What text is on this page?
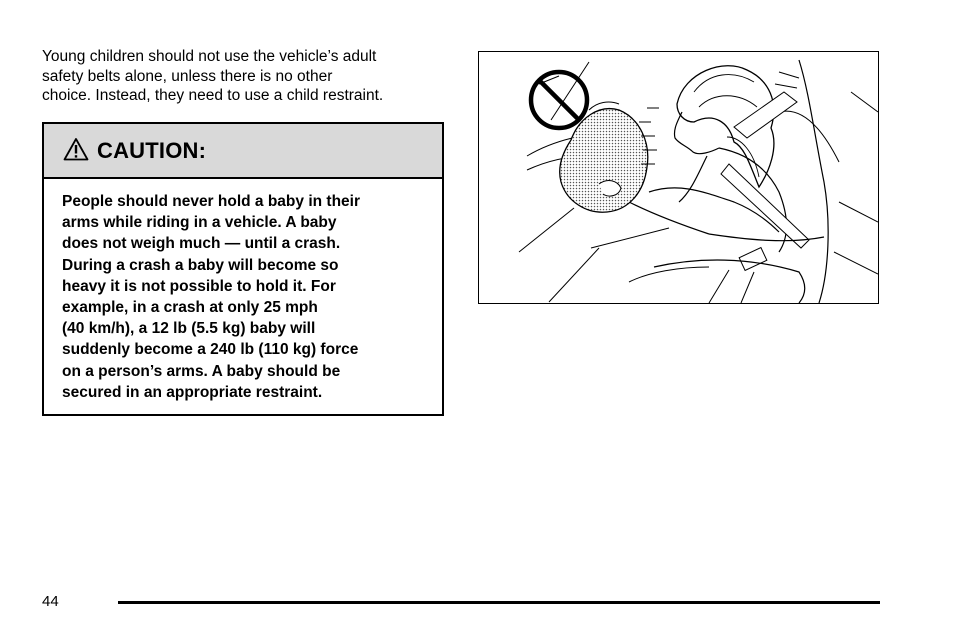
Young children should not use the vehicle’s adult
safety belts alone, unless there is no other
choice. Instead, they need to use a child restraint.

CAUTION:

People should never hold a baby in their
arms while riding in a vehicle. A baby
does not weigh much — until a crash.
During a crash a baby will become so
heavy it is not possible to hold it. For
example, in a crash at only 25 mph
(40 km/h), a 12 lb (5.5 kg) baby will
suddenly become a 240 lb (110 kg) force
on a person’s arms. A baby should be
secured in an appropriate restraint.

44
